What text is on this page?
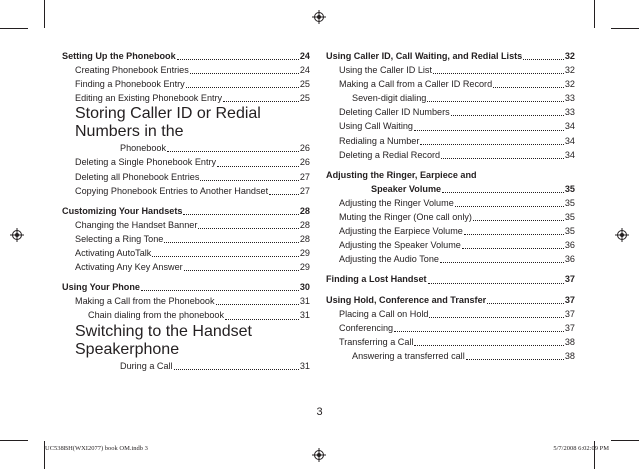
Setting Up the Phonebook	24
Creating Phonebook Entries	24
Finding a Phonebook Entry	25
Editing an Existing Phonebook Entry	25
Storing Caller ID or Redial Numbers in the
Phonebook	26
Deleting a Single Phonebook Entry	26
Deleting all Phonebook Entries	27
Copying Phonebook Entries to Another Handset	27
Customizing Your Handsets	28
Changing the Handset Banner	28
Selecting a Ring Tone	28
Activating AutoTalk	29
Activating Any Key Answer	29
Using Your Phone	30
Making a Call from the Phonebook	31
Chain dialing from the phonebook	31
Switching to the Handset Speakerphone
During a Call	31
Using Caller ID, Call Waiting, and Redial Lists	32
Using the Caller ID List	32
Making a Call from a Caller ID Record	32
Seven-digit dialing	33
Deleting Caller ID Numbers	33
Using Call Waiting	34
Redialing a Number	34
Deleting a Redial Record	34
Adjusting the Ringer, Earpiece and
Speaker Volume	35
Adjusting the Ringer Volume	35
Muting the Ringer (One call only)	35
Adjusting the Earpiece Volume	35
Adjusting the Speaker Volume	36
Adjusting the Audio Tone	36
Finding a Lost Handset	37
Using Hold, Conference and Transfer	37
Placing a Call on Hold	37
Conferencing	37
Transferring a Call	38
Answering a transferred call	38
3
UC538BH(WXI2077) book OM.indb 3	5/7/2008 6:02:09 PM
